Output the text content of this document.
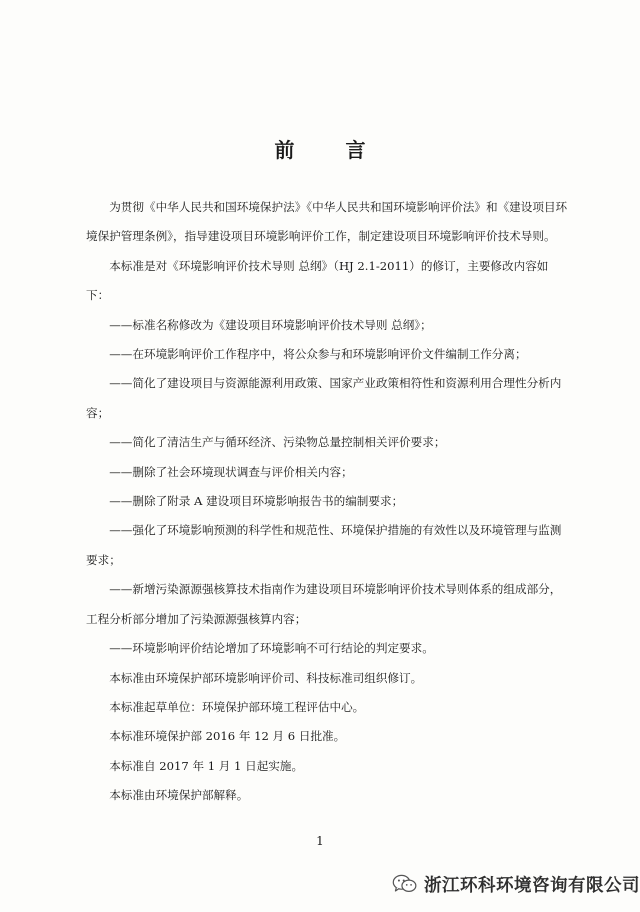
前 言

为贯彻《中华人民共和国环境保护法》《中华人民共和国环境影响评价法》和《建设项目环境保护管理条例》，指导建设项目环境影响评价工作，制定建设项目环境影响评价技术导则。

本标准是对《环境影响评价技术导则 总纲》（HJ 2.1-2011）的修订，主要修改内容如下：

——标准名称修改为《建设项目环境影响评价技术导则 总纲》；

——在环境影响评价工作程序中，将公众参与和环境影响评价文件编制工作分离；

——简化了建设项目与资源能源利用政策、国家产业政策相符性和资源利用合理性分析内容；

——简化了清洁生产与循环经济、污染物总量控制相关评价要求；

——删除了社会环境现状调查与评价相关内容；

——删除了附录 A 建设项目环境影响报告书的编制要求；

——强化了环境影响预测的科学性和规范性、环境保护措施的有效性以及环境管理与监测要求；

——新增污染源源强核算技术指南作为建设项目环境影响评价技术导则体系的组成部分，工程分析部分增加了污染源源强核算内容；

——环境影响评价结论增加了环境影响不可行结论的判定要求。

本标准由环境保护部环境影响评价司、科技标准司组织修订。

本标准起草单位：环境保护部环境工程评估中心。

本标准环境保护部 2016 年 12 月 6 日批准。

本标准自 2017 年 1 月 1 日起实施。

本标准由环境保护部解释。

1
浙江环科环境咨询有限公司
